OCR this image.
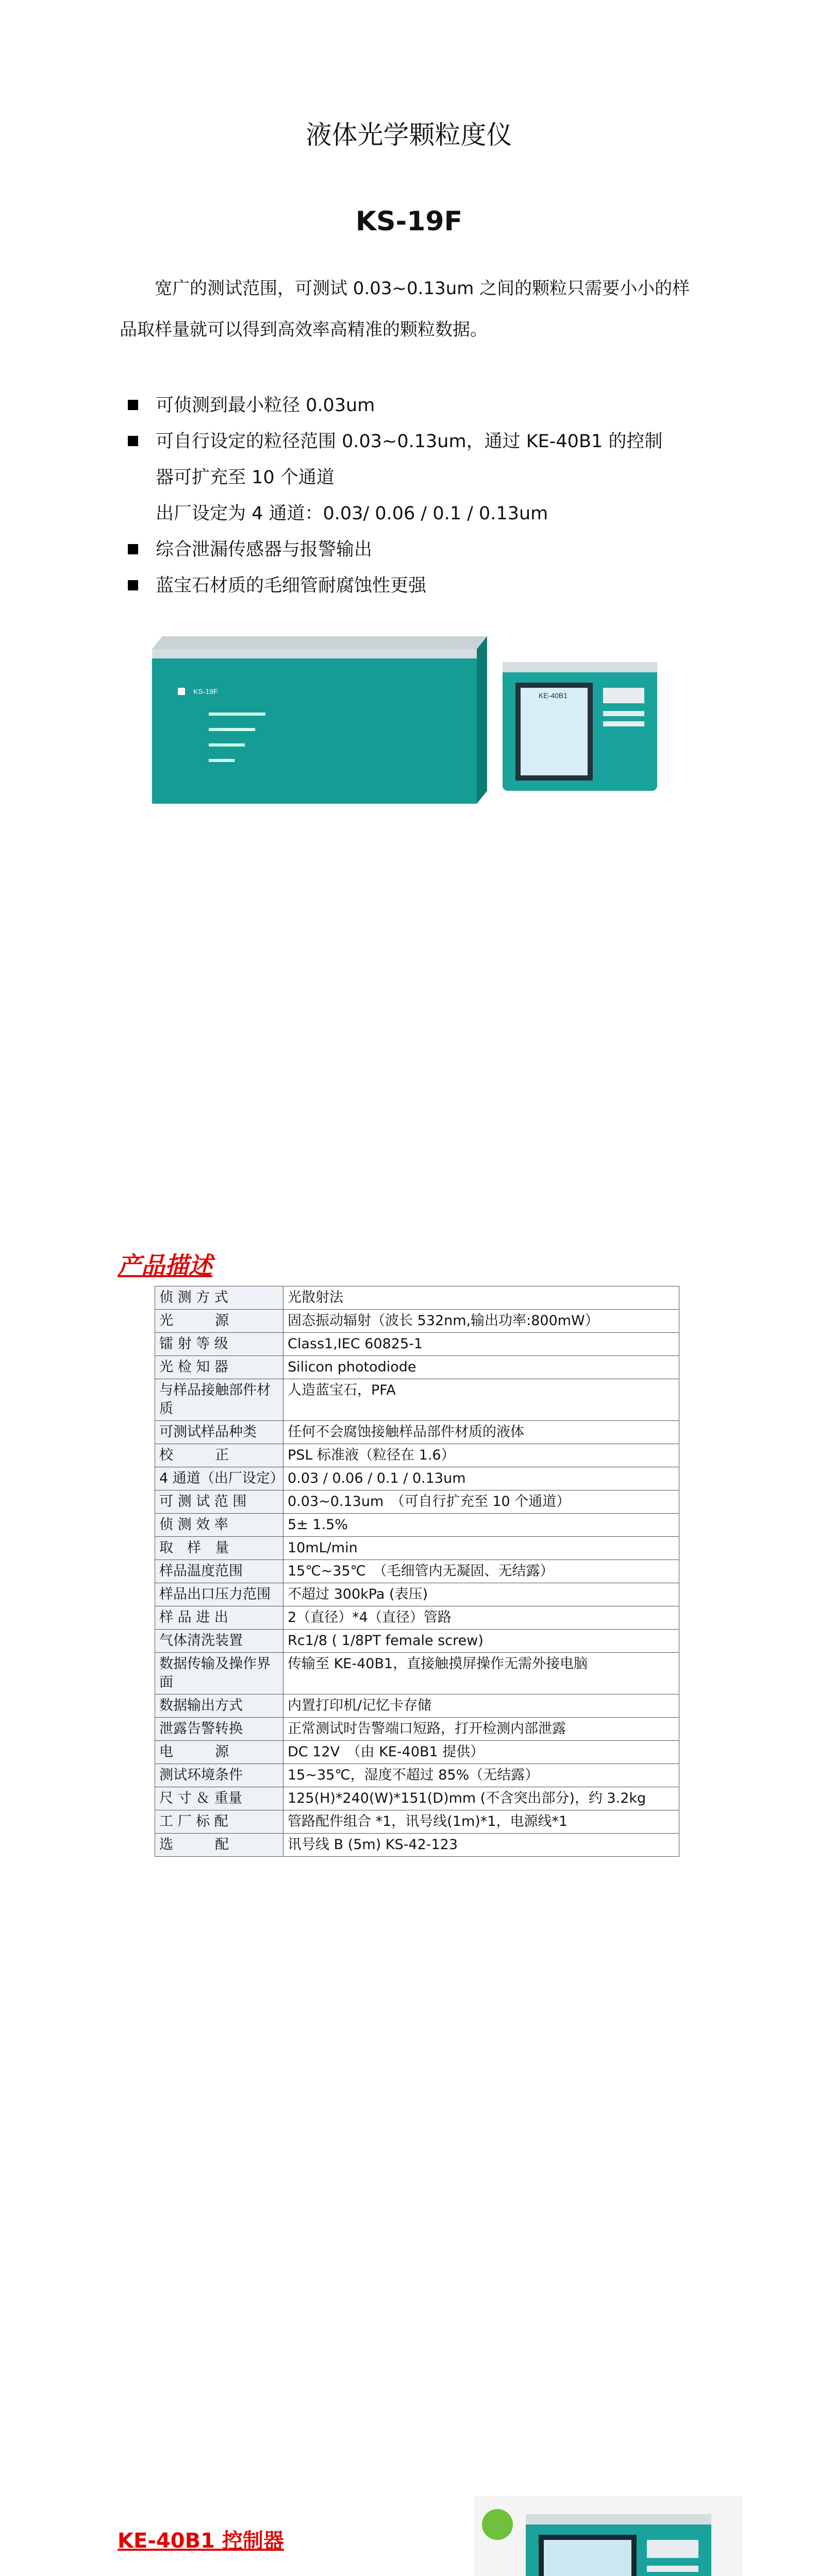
液体光学颗粒度仪
KS-19F
宽广的测试范围，可测试 0.03~0.13um 之间的颗粒只需要小小的样品取样量就可以得到高效率高精准的颗粒数据。
可侦测到最小粒径 0.03um
可自行设定的粒径范围 0.03~0.13um，通过 KE-40B1 的控制
器可扩充至 10 个通道
出厂设定为 4 通道：0.03/ 0.06 / 0.1 / 0.13um
综合泄漏传感器与报警输出
蓝宝石材质的毛细管耐腐蚀性更强
KS-19F	KE-40B1
产品描述
侦 测 方 式	光散射法
光　　　源	固态振动辐射（波长 532nm,输出功率:800mW）
镭 射 等 级	Class1,IEC 60825-1
光 检 知 器	Silicon photodiode
与样品接触部件材质	人造蓝宝石，PFA
可测试样品种类	任何不会腐蚀接触样品部件材质的液体
校　　　正	PSL 标准液（粒径在 1.6）
4 通道（出厂设定）	0.03 / 0.06 / 0.1 / 0.13um
可 测 试 范 围	0.03~0.13um　（可自行扩充至 10 个通道）
侦 测 效 率	5± 1.5%
取　样　量	10mL/min
样品温度范围	15℃~35℃　（毛细管内无凝固、无结露）
样品出口压力范围	不超过 300kPa (表压)
样 品 进 出	2（直径）*4（直径）管路
气体清洗装置	Rc1/8 ( 1/8PT female screw)
数据传输及操作界面	传输至 KE-40B1，直接触摸屏操作无需外接电脑
数据输出方式	内置打印机/记忆卡存储
泄露告警转换	正常测试时告警端口短路，打开检测内部泄露
电　　　源	DC 12V　（由 KE-40B1 提供）
测试环境条件	15~35℃，湿度不超过 85%（无结露）
尺 寸 ＆ 重量	125(H)*240(W)*151(D)mm (不含突出部分)，约 3.2kg
工 厂 标 配	管路配件组合 *1，讯号线(1m)*1，电源线*1
选　　　配	讯号线 B (5m) KS-42-123
KE-40B1 控制器
